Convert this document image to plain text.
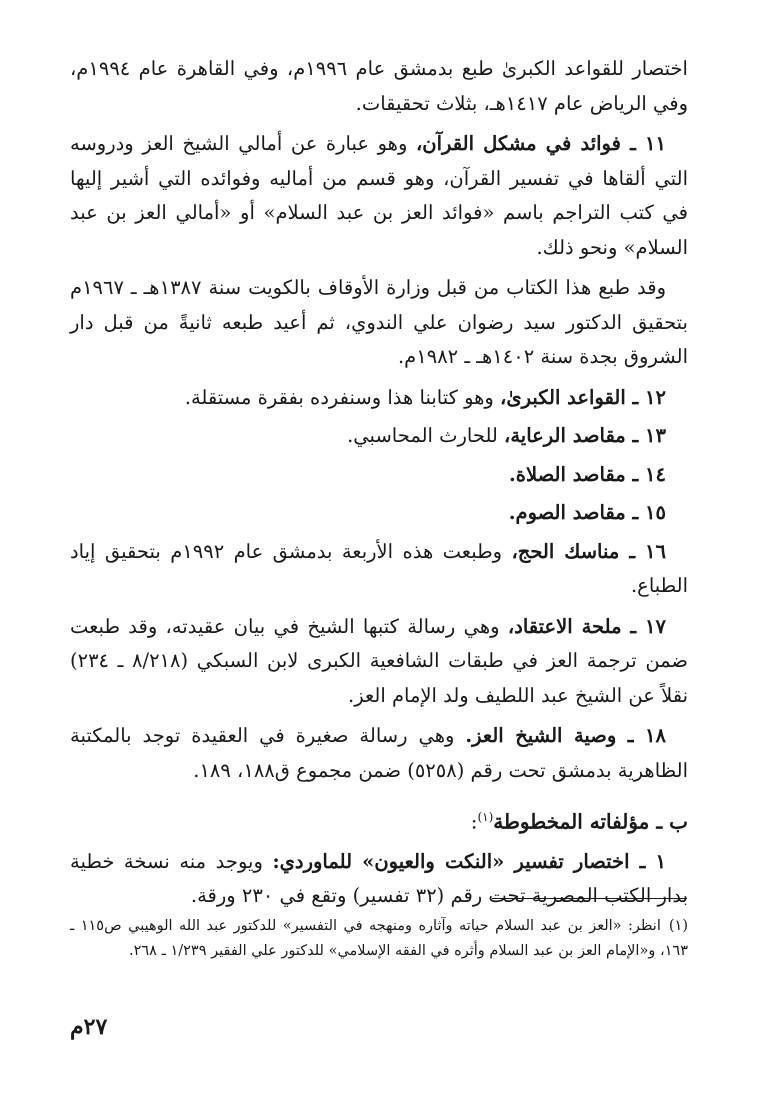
اختصار للقواعد الكبرىٰ طبع بدمشق عام ١٩٩٦م، وفي القاهرة عام ١٩٩٤م، وفي الرياض عام ١٤١٧هـ، بثلاث تحقيقات.

١١ ـ فوائد في مشكل القرآن، وهو عبارة عن أمالي الشيخ العز ودروسه التي ألقاها في تفسير القرآن، وهو قسم من أماليه وفوائده التي أشير إليها في كتب التراجم باسم «فوائد العز بن عبد السلام» أو «أمالي العز بن عبد السلام» ونحو ذلك.

وقد طبع هذا الكتاب من قبل وزارة الأوقاف بالكويت سنة ١٣٨٧هـ ـ ١٩٦٧م بتحقيق الدكتور سيد رضوان علي الندوي، ثم أعيد طبعه ثانيةً من قبل دار الشروق بجدة سنة ١٤٠٢هـ ـ ١٩٨٢م.

١٢ ـ القواعد الكبرىٰ، وهو كتابنا هذا وسنفرده بفقرة مستقلة.

١٣ ـ مقاصد الرعاية، للحارث المحاسبي.

١٤ ـ مقاصد الصلاة.

١٥ ـ مقاصد الصوم.

١٦ ـ مناسك الحج، وطبعت هذه الأربعة بدمشق عام ١٩٩٢م بتحقيق إياد الطباع.

١٧ ـ ملحة الاعتقاد، وهي رسالة كتبها الشيخ في بيان عقيدته، وقد طبعت ضمن ترجمة العز في طبقات الشافعية الكبرى لابن السبكي (٨/٢١٨ ـ ٢٣٤) نقلاً عن الشيخ عبد اللطيف ولد الإمام العز.

١٨ ـ وصية الشيخ العز. وهي رسالة صغيرة في العقيدة توجد بالمكتبة الظاهرية بدمشق تحت رقم (٥٢٥٨) ضمن مجموع ق١٨٨، ١٨٩.

ب ـ مؤلفاته المخطوطة$^{(١)}$:

١ ـ اختصار تفسير «النكت والعيون» للماوردي: ويوجد منه نسخة خطية بدار الكتب المصرية تحت رقم (٣٢ تفسير) وتقع في ٢٣٠ ورقة.

(١)انظر: «العز بن عبد السلام حياته وآثاره ومنهجه في التفسير» للدكتور عبد الله الوهيبي ص١١٥ ـ ١٦٣، و«الإمام العز بن عبد السلام وأثره في الفقه الإسلامي» للدكتور علي الفقير ١/٢٣٩ ـ ٢٦٨.
٢٧م
